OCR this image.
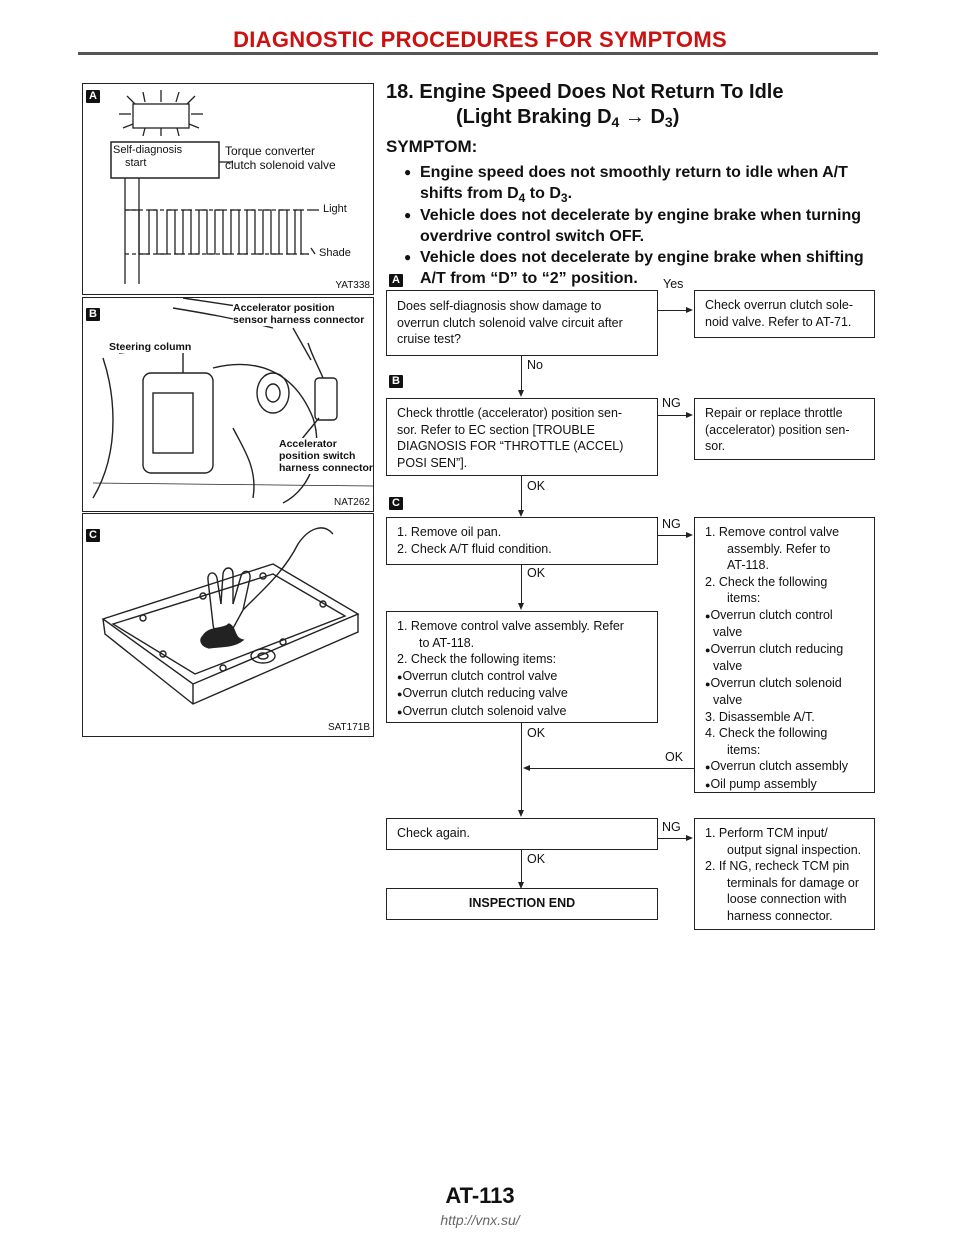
DIAGNOSTIC PROCEDURES FOR SYMPTOMS
A
Self-diagnosis
start
Torque converter
clutch solenoid valve
Light
Shade
YAT338
B	Accelerator position
sensor harness connector
Steering column
Accelerator
position switch
harness connector
NAT262
C
SAT171B
18. Engine Speed Does Not Return To Idle
(Light Braking $D_4 \to D_3$)
SYMPTOM:
● Engine speed does not smoothly return to idle when A/T
shifts from $D_4$ to $D_3$.
● Vehicle does not decelerate by engine brake when turning
overdrive control switch OFF.
● Vehicle does not decelerate by engine brake when shifting
A/T from “D” to “2” position.
A
B
C
Does self-diagnosis show damage to
overrun clutch solenoid valve circuit after
cruise test?
Yes
Check overrun clutch sole-
noid valve. Refer to AT-71.
No
Check throttle (accelerator) position sen-
sor. Refer to EC section [TROUBLE
DIAGNOSIS FOR “THROTTLE (ACCEL)
POSI SEN”].
NG
Repair or replace throttle
(accelerator) position sen-
sor.
OK
1. Remove oil pan.
2. Check A/T fluid condition.
NG
OK
1. Remove control valve
assembly. Refer to
AT-118.
2. Check the following
items:
●Overrun clutch control
valve
●Overrun clutch reducing
valve
●Overrun clutch solenoid
valve
3. Disassemble A/T.
4. Check the following
items:
●Overrun clutch assembly
●Oil pump assembly
1. Remove control valve assembly. Refer
to AT-118.
2. Check the following items:
●Overrun clutch control valve
●Overrun clutch reducing valve
●Overrun clutch solenoid valve
OK
OK
Check again.	NG 1. Perform TCM input/
output signal inspection.
2. If NG, recheck TCM pin
terminals for damage or
loose connection with
harness connector.
OK
INSPECTION END
AT-113
http://vnx.su/
